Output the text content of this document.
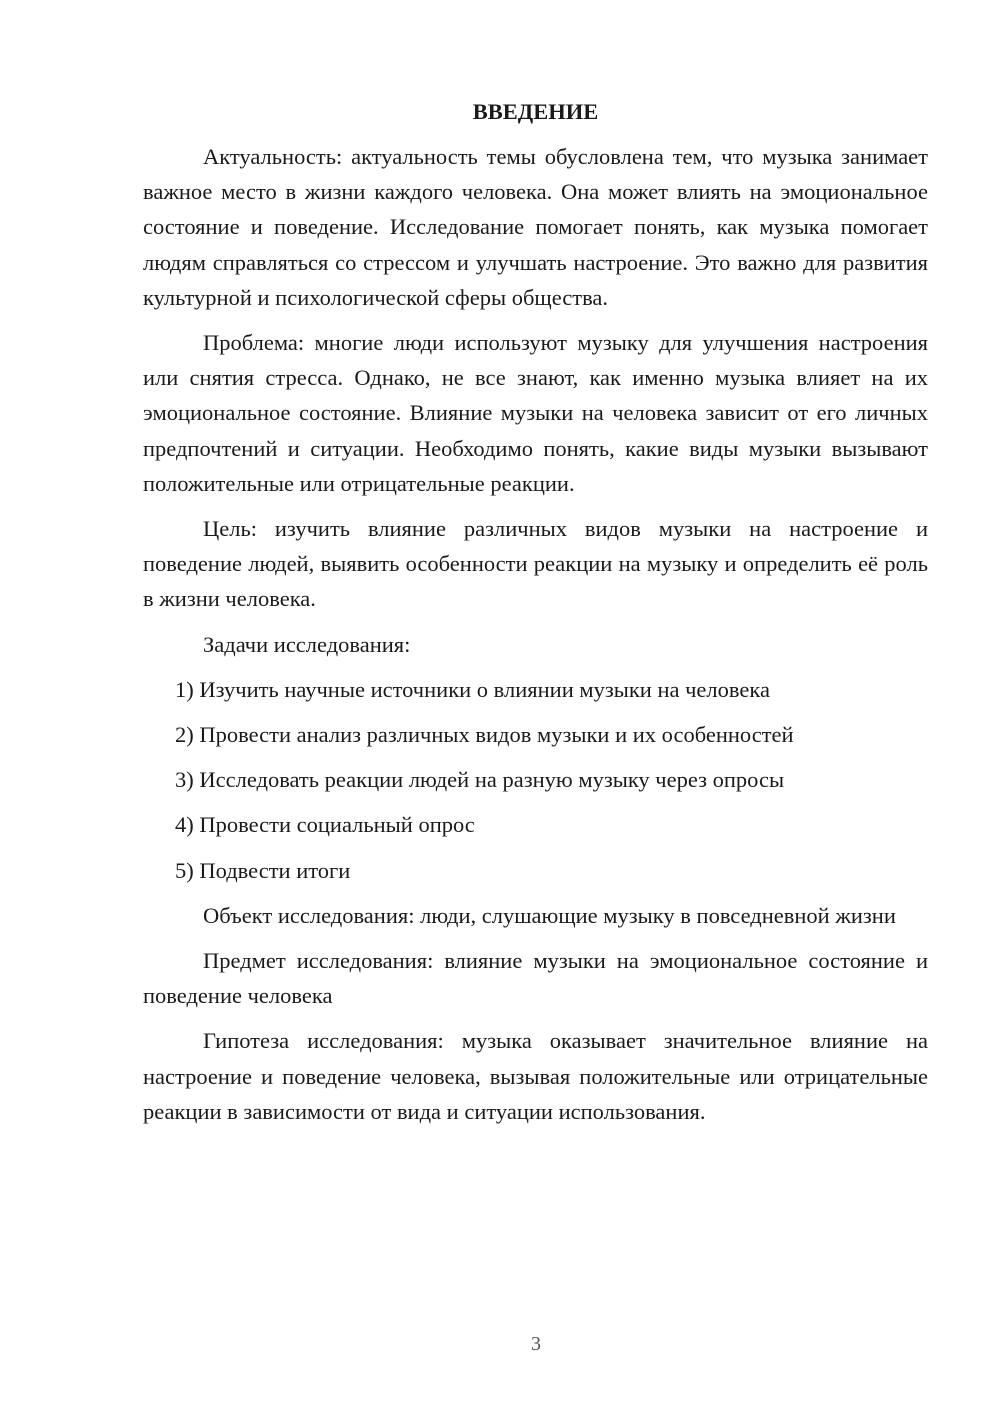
ВВЕДЕНИЕ

Актуальность: актуальность темы обусловлена тем, что музыка занимает важное место в жизни каждого человека. Она может влиять на эмоциональное состояние и поведение. Исследование помогает понять, как музыка помогает людям справляться со стрессом и улучшать настроение. Это важно для развития культурной и психологической сферы общества.

Проблема: многие люди используют музыку для улучшения настроения или снятия стресса. Однако, не все знают, как именно музыка влияет на их эмоциональное состояние. Влияние музыки на человека зависит от его личных предпочтений и ситуации. Необходимо понять, какие виды музыки вызывают положительные или отрицательные реакции.

Цель: изучить влияние различных видов музыки на настроение и поведение людей, выявить особенности реакции на музыку и определить её роль в жизни человека.

Задачи исследования:

1) Изучить научные источники о влиянии музыки на человека
2) Провести анализ различных видов музыки и их особенностей
3) Исследовать реакции людей на разную музыку через опросы
4) Провести социальный опрос
5) Подвести итоги

Объект исследования: люди, слушающие музыку в повседневной жизни

Предмет исследования: влияние музыки на эмоциональное состояние и поведение человека

Гипотеза исследования: музыка оказывает значительное влияние на настроение и поведение человека, вызывая положительные или отрицательные реакции в зависимости от вида и ситуации использования.

3
